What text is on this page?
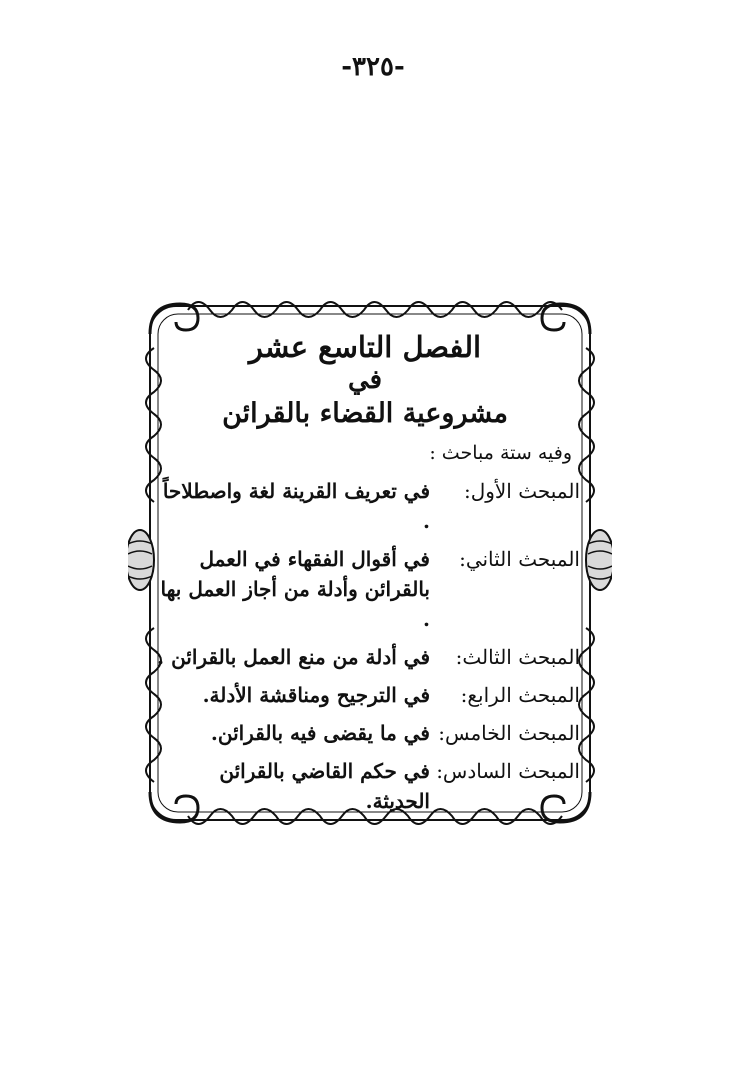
-٣٢٥-
الفصل التاسع عشر
في
مشروعية القضاء بالقرائن
وفيه ستة مباحث :
المبحث الأول:
في تعريف القرينة لغة واصطلاحاً .
المبحث الثاني:
في أقوال الفقهاء في العمل بالقرائن وأدلة من أجاز العمل بها .
المبحث الثالث:
في أدلة من منع العمل بالقرائن .
المبحث الرابع:
في الترجيح ومناقشة الأدلة.
المبحث الخامس:
في ما يقضى فيه بالقرائن.
المبحث السادس:
في حكم القاضي بالقرائن الحديثة.
